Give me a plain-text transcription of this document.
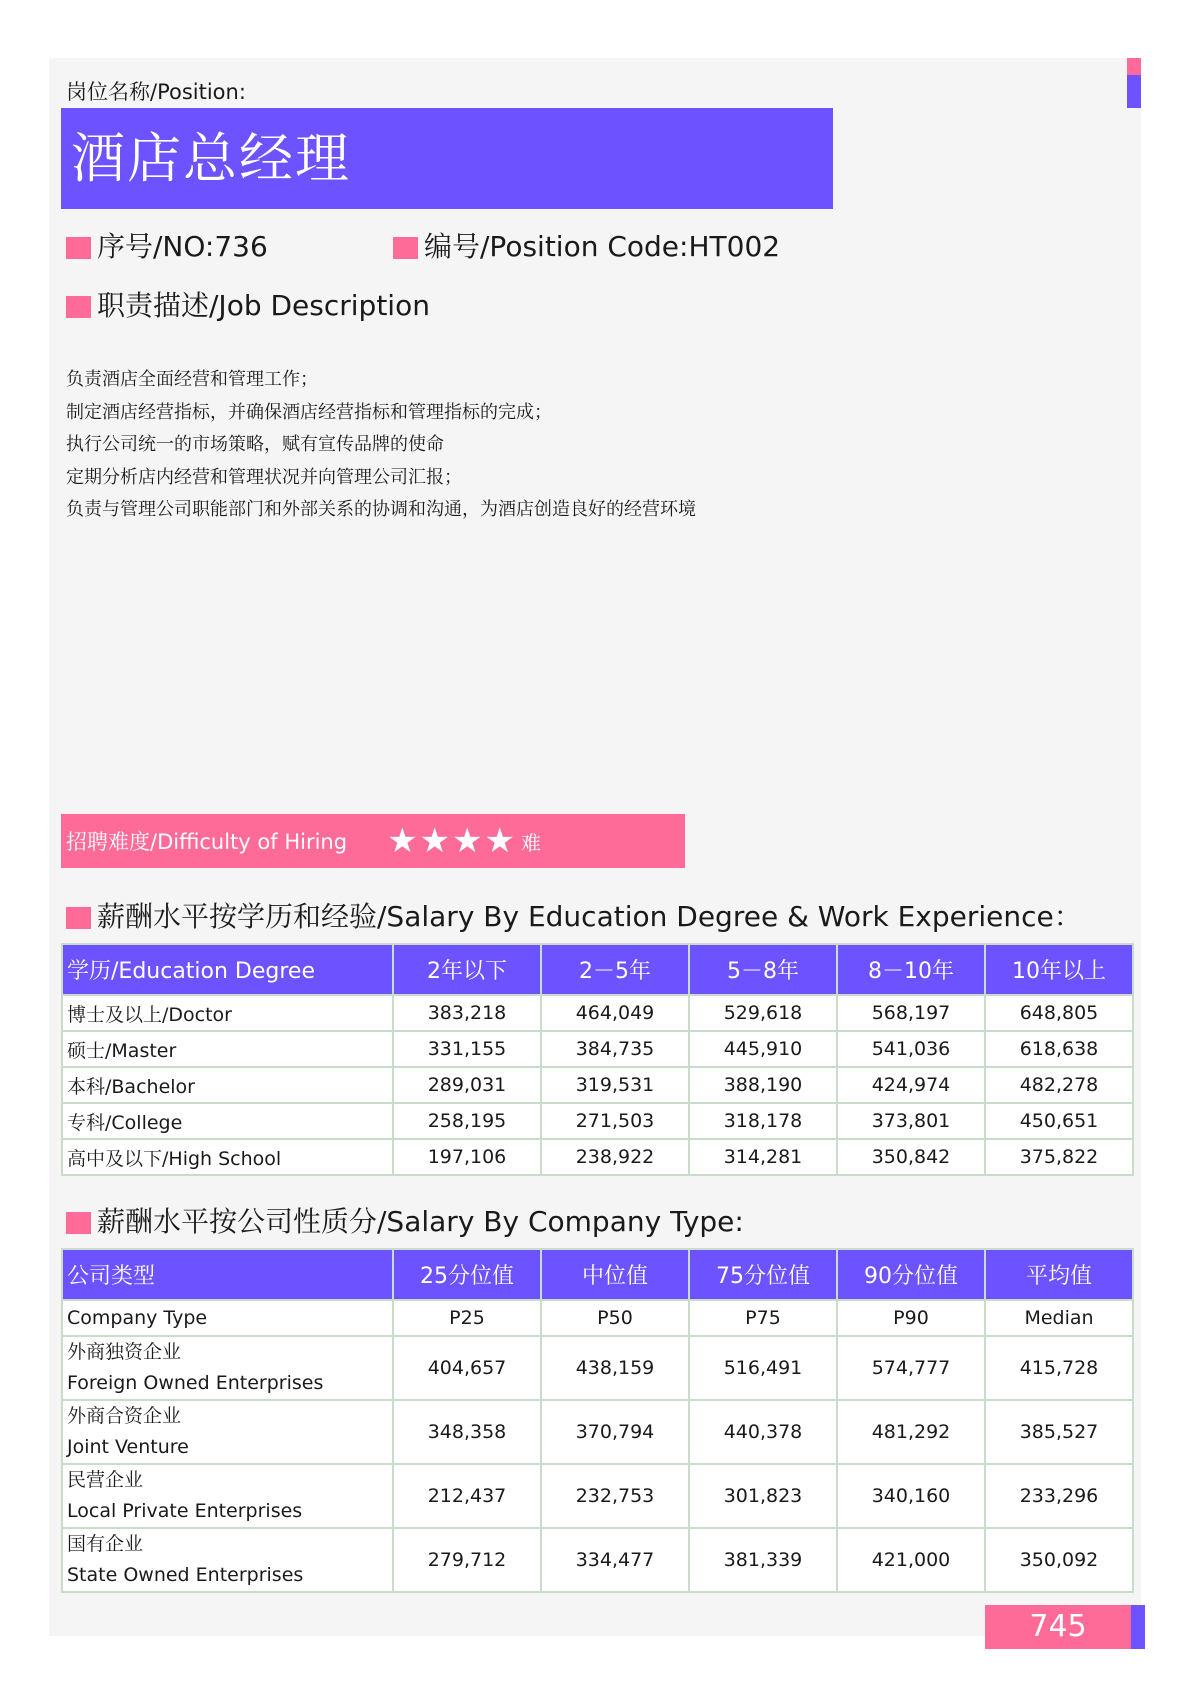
岗位名称/Position:
酒店总经理
序号/NO:736	编号/Position Code:HT002
职责描述/Job Description
负责酒店全面经营和管理工作；
制定酒店经营指标，并确保酒店经营指标和管理指标的完成；
执行公司统一的市场策略，赋有宣传品牌的使命
定期分析店内经营和管理状况并向管理公司汇报；
负责与管理公司职能部门和外部关系的协调和沟通，为酒店创造良好的经营环境
招聘难度/Difficulty of Hiring ★★★★ 难
薪酬水平按学历和经验/Salary By Education Degree & Work Experience：
学历/Education Degree	2年以下	2－5年	5－8年	8－10年	10年以上
博士及以上/Doctor	383,218	464,049	529,618	568,197	648,805
硕士/Master	331,155	384,735	445,910	541,036	618,638
本科/Bachelor	289,031	319,531	388,190	424,974	482,278
专科/College	258,195	271,503	318,178	373,801	450,651
高中及以下/High School	197,106	238,922	314,281	350,842	375,822
薪酬水平按公司性质分/Salary By Company Type:
公司类型	25分位值	中位值	75分位值	90分位值	平均值
Company Type	P25	P50	P75	P90	Median

外商独资企业
Foreign Owned Enterprises	404,657	438,159	516,491	574,777	415,728

外商合资企业
Joint Venture	348,358	370,794	440,378	481,292	385,527

民营企业
Local Private Enterprises	212,437	232,753	301,823	340,160	233,296

国有企业
State Owned Enterprises	279,712	334,477	381,339	421,000	350,092
745
